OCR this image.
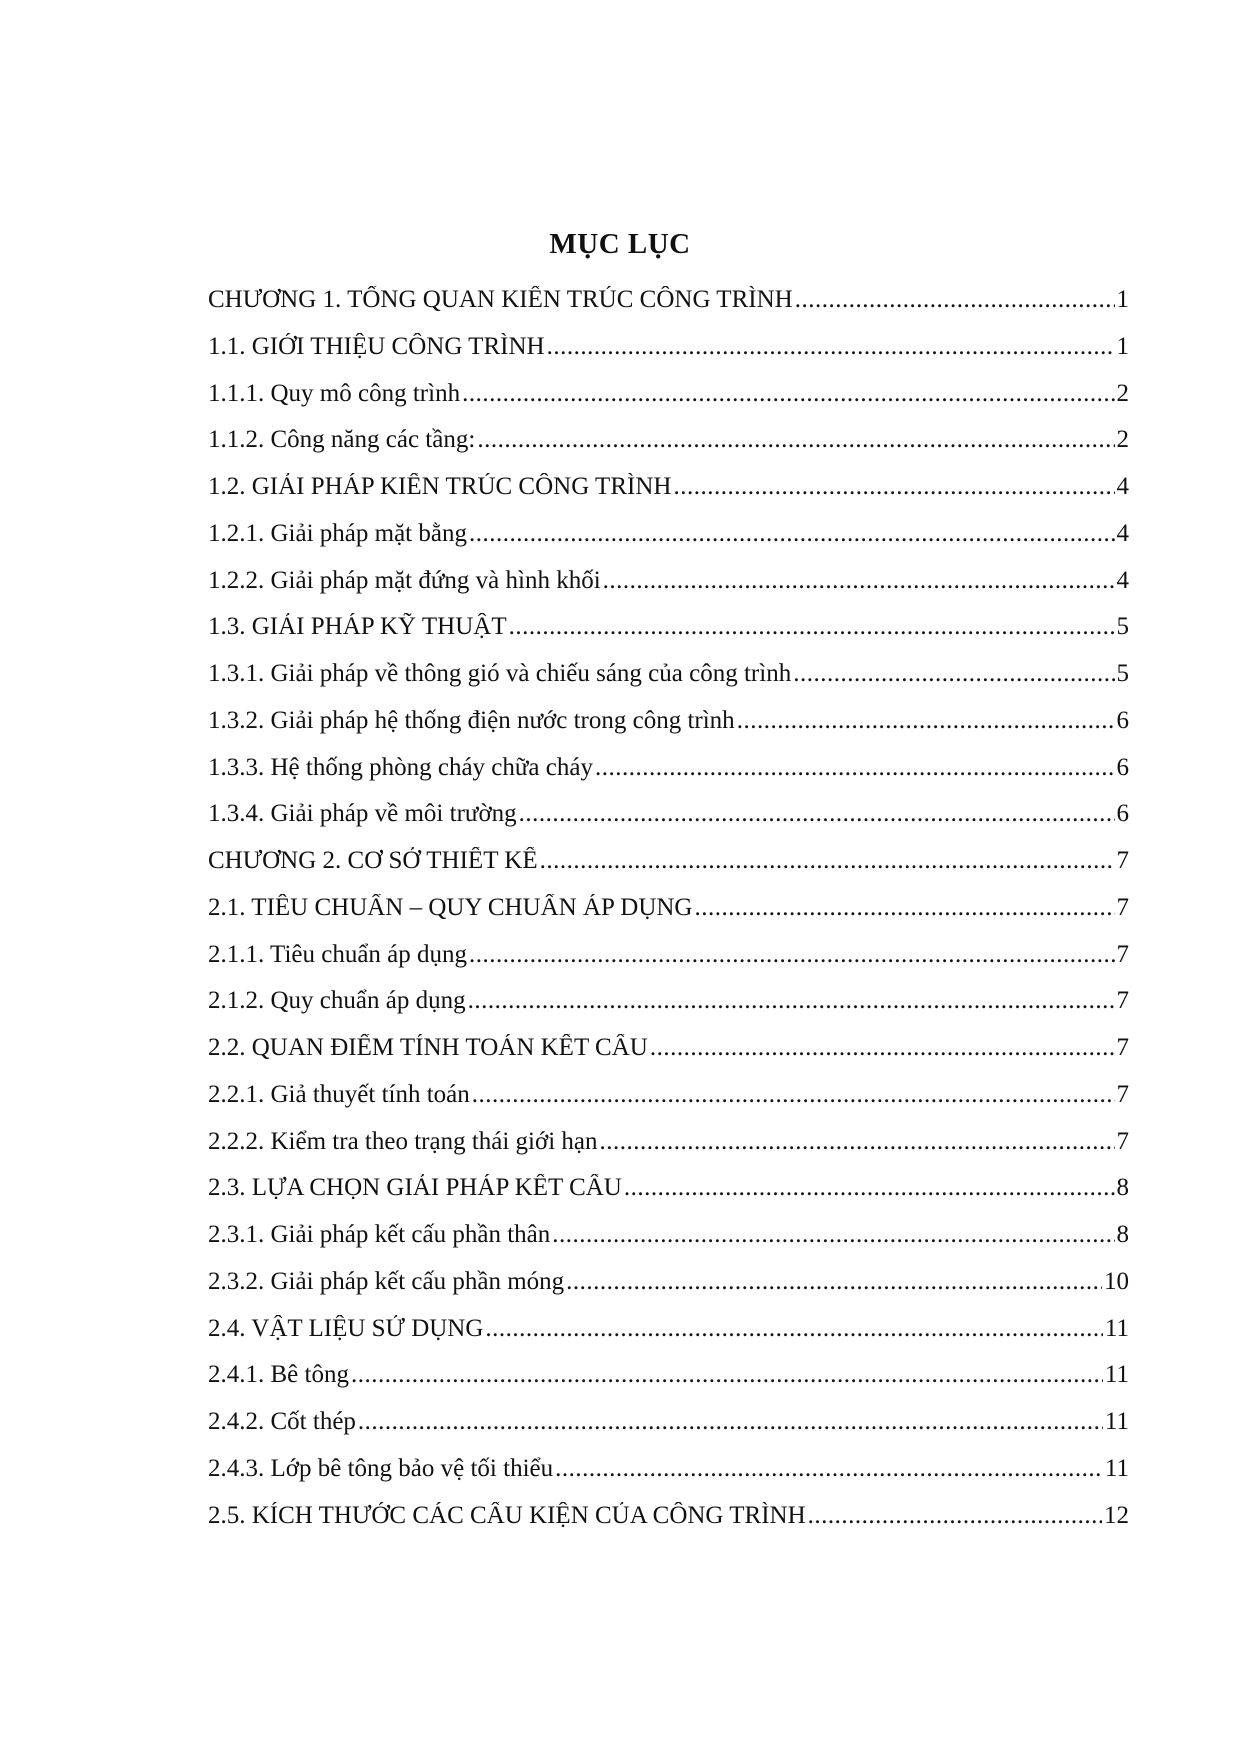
MỤC LỤC
CHƯƠNG 1. TỔNG QUAN KIẾN TRÚC CÔNG TRÌNH .....	1
1.1. GIỚI THIỆU CÔNG TRÌNH .....	1
1.1.1. Quy mô công trình .....	2
1.1.2. Công năng các tầng: .....	2
1.2. GIẢI PHÁP KIẾN TRÚC CÔNG TRÌNH .....	4
1.2.1. Giải pháp mặt bằng .....	4
1.2.2. Giải pháp mặt đứng và hình khối .....	4
1.3. GIẢI PHÁP KỸ THUẬT .....	5
1.3.1. Giải pháp về thông gió và chiếu sáng của công trình .....	5
1.3.2. Giải pháp hệ thống điện nước trong công trình .....	6
1.3.3. Hệ thống phòng cháy chữa cháy .....	6
1.3.4. Giải pháp về môi trường .....	6
CHƯƠNG 2. CƠ SỞ THIẾT KẾ .....	7
2.1. TIÊU CHUẨN – QUY CHUẨN ÁP DỤNG .....	7
2.1.1. Tiêu chuẩn áp dụng .....	7
2.1.2. Quy chuẩn áp dụng .....	7
2.2. QUAN ĐIỂM TÍNH TOÁN KẾT CẤU .....	7
2.2.1. Giả thuyết tính toán .....	7
2.2.2. Kiểm tra theo trạng thái giới hạn .....	7
2.3. LỰA CHỌN GIẢI PHÁP KẾT CẤU .....	8
2.3.1. Giải pháp kết cấu phần thân .....	8
2.3.2. Giải pháp kết cấu phần móng .....	10
2.4. VẬT LIỆU SỬ DỤNG .....	11
2.4.1. Bê tông .....	11
2.4.2. Cốt thép .....	11
2.4.3. Lớp bê tông bảo vệ tối thiểu .....	11
2.5. KÍCH THƯỚC CÁC CẤU KIỆN CỦA CÔNG TRÌNH .....	12
